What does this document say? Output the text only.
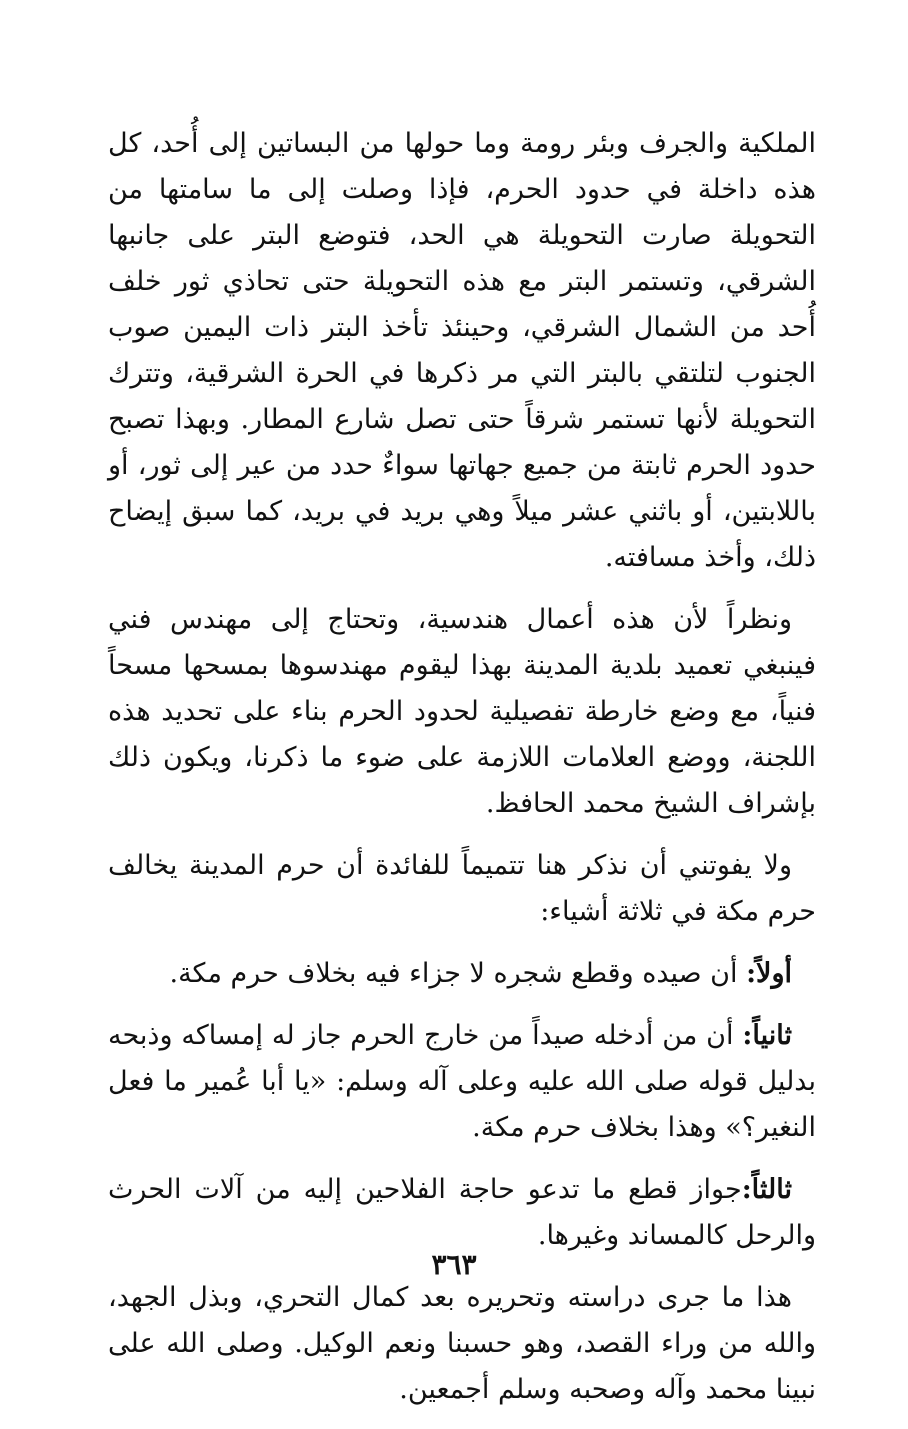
الملكية والجرف وبئر رومة وما حولها من البساتين إلى أُحد، كل هذه داخلة في حدود الحرم، فإذا وصلت إلى ما سامتها من التحويلة صارت التحويلة هي الحد، فتوضع البتر على جانبها الشرقي، وتستمر البتر مع هذه التحويلة حتى تحاذي ثور خلف أُحد من الشمال الشرقي، وحينئذ تأخذ البتر ذات اليمين صوب الجنوب لتلتقي بالبتر التي مر ذكرها في الحرة الشرقية، وتترك التحويلة لأنها تستمر شرقاً حتى تصل شارع المطار. وبهذا تصبح حدود الحرم ثابتة من جميع جهاتها سواءٌ حدد من عير إلى ثور، أو باللابتين، أو باثني عشر ميلاً وهي بريد في بريد، كما سبق إيضاح ذلك، وأخذ مسافته.

ونظراً لأن هذه أعمال هندسية، وتحتاج إلى مهندس فني فينبغي تعميد بلدية المدينة بهذا ليقوم مهندسوها بمسحها مسحاً فنياً، مع وضع خارطة تفصيلية لحدود الحرم بناء على تحديد هذه اللجنة، ووضع العلامات اللازمة على ضوء ما ذكرنا، ويكون ذلك بإشراف الشيخ محمد الحافظ.

ولا يفوتني أن نذكر هنا تتميماً للفائدة أن حرم المدينة يخالف حرم مكة في ثلاثة أشياء:

أولاً: أن صيده وقطع شجره لا جزاء فيه بخلاف حرم مكة.

ثانياً: أن من أدخله صيداً من خارج الحرم جاز له إمساكه وذبحه بدليل قوله صلى الله عليه وعلى آله وسلم: «يا أبا عُمير ما فعل النغير؟» وهذا بخلاف حرم مكة.

ثالثاً:جواز قطع ما تدعو حاجة الفلاحين إليه من آلات الحرث والرحل كالمساند وغيرها.

هذا ما جرى دراسته وتحريره بعد كمال التحري، وبذل الجهد، والله من وراء القصد، وهو حسبنا ونعم الوكيل. وصلى الله على نبينا محمد وآله وصحبه وسلم أجمعين.

٣٦٣
